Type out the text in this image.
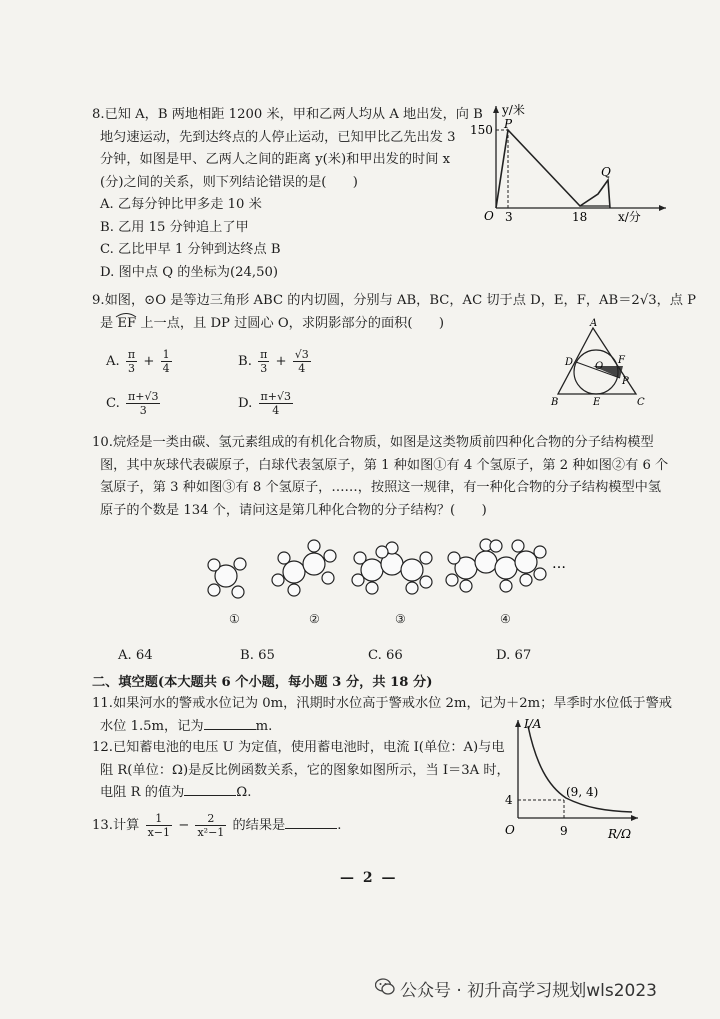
8.已知 A，B 两地相距 1200 米，甲和乙两人均从 A 地出发，向 B

地匀速运动，先到达终点的人停止运动，已知甲比乙先出发 3

分钟，如图是甲、乙两人之间的距离 y(米)和甲出发的时间 x

(分)之间的关系，则下列结论错误的是(　　)

A. 乙每分钟比甲多走 10 米

B. 乙用 15 分钟追上了甲

C. 乙比甲早 1 分钟到达终点 B

D. 图中点 Q 的坐标为(24,50)

y/米
150 P
Q
O 3	18	x/分

9.如图，⊙O 是等边三角形 ABC 的内切圆，分别与 AB，BC，AC 切于点 D，E，F，AB＝2√3，点 P

是 EF 上一点，且 DP 过圆心 O，求阴影部分的面积(　　)

A. $\frac{\pi}{3} + \frac{1}{4}$	B. $\frac{\pi}{3} + \frac{√3}{4}$
C. $\frac{\pi+√3}{3}$	D. $\frac{\pi+√3}{4}$
A
D	F
O
P
B	E	C

10.烷烃是一类由碳、氢元素组成的有机化合物质，如图是这类物质前四种化合物的分子结构模型

图，其中灰球代表碳原子，白球代表氢原子，第 1 种如图①有 4 个氢原子，第 2 种如图②有 6 个

氢原子，第 3 种如图③有 8 个氢原子，……，按照这一规律，有一种化合物的分子结构模型中氢

原子的个数是 134 个，请问这是第几种化合物的分子结构？(　　)

…
①	②	③	④
A. 64	B. 65	C. 66	D. 67
二、填空题(本大题共 6 个小题，每小题 3 分，共 18 分)

11.如果河水的警戒水位记为 0m，汛期时水位高于警戒水位 2m，记为＋2m；旱季时水位低于警戒

水位 1.5m，记为	m.

12.已知蓄电池的电压 U 为定值，使用蓄电池时，电流 I(单位：A)与电

阻 R(单位：Ω)是反比例函数关系，它的图象如图所示，当 I＝3A 时，

电阻 R 的值为	Ω.

I/A
(9, 4)
4
O	9	R/Ω
13.计算 $\frac{1}{x-1} - \frac{2}{\text{x²−1}}$ 的结果是	.
— 2 —
公众号 · 初升高学习规划wls2023
